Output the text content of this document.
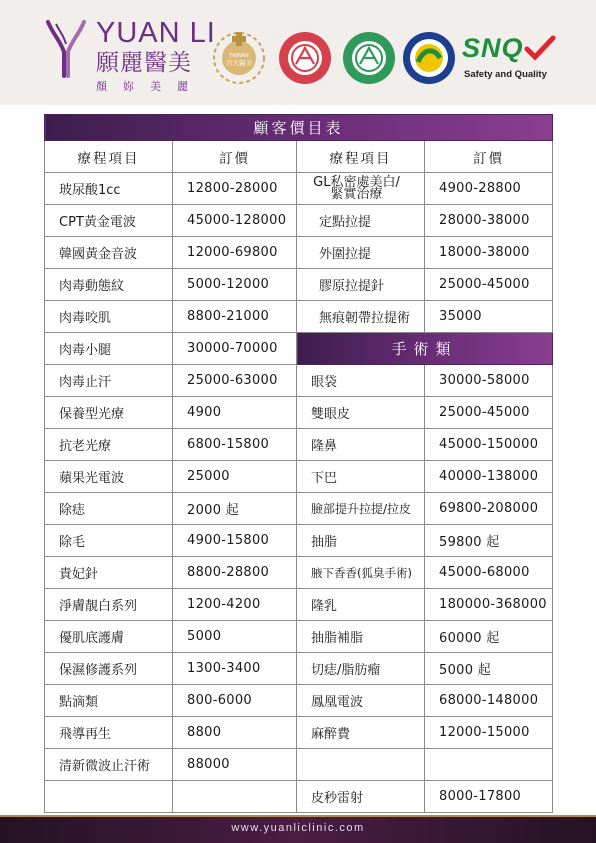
YUAN LI
願麗醫美
顏妳美麗
TAIWAN
百大醫美	SNQ
Safety and Quality
顧客價目表			
療程項目	訂價	療程項目	訂價
玻尿酸1cc	12800-28000	GL私密處美白/緊實治療	4900-28800
CPT黃金電波	45000-128000	定點拉提	28000-38000
韓國黃金音波	12000-69800	外圍拉提	18000-38000
肉毒動態紋	5000-12000	膠原拉提針	25000-45000
肉毒咬肌	8800-21000	無痕韌帶拉提術	35000
肉毒小腿	30000-70000	手術類	
肉毒止汗	25000-63000	眼袋	30000-58000
保養型光療	4900	雙眼皮	25000-45000
抗老光療	6800-15800	隆鼻	45000-150000
蘋果光電波	25000	下巴	40000-138000
除痣	2000 起	臉部提升拉提/拉皮	69800-208000
除毛	4900-15800	抽脂	59800 起
貴妃針	8800-28800	腋下香香(狐臭手術)	45000-68000
淨膚靚白系列	1200-4200	隆乳	180000-368000
優肌底護膚	5000	抽脂補脂	60000 起
保濕修護系列	1300-3400	切痣/脂肪瘤	5000 起
點滴類	800-6000	鳳凰電波	68000-148000
飛導再生	8800	麻醉費	12000-15000
清新微波止汗術	88000		
		皮秒雷射	8000-17800
www.yuanliclinic.com
